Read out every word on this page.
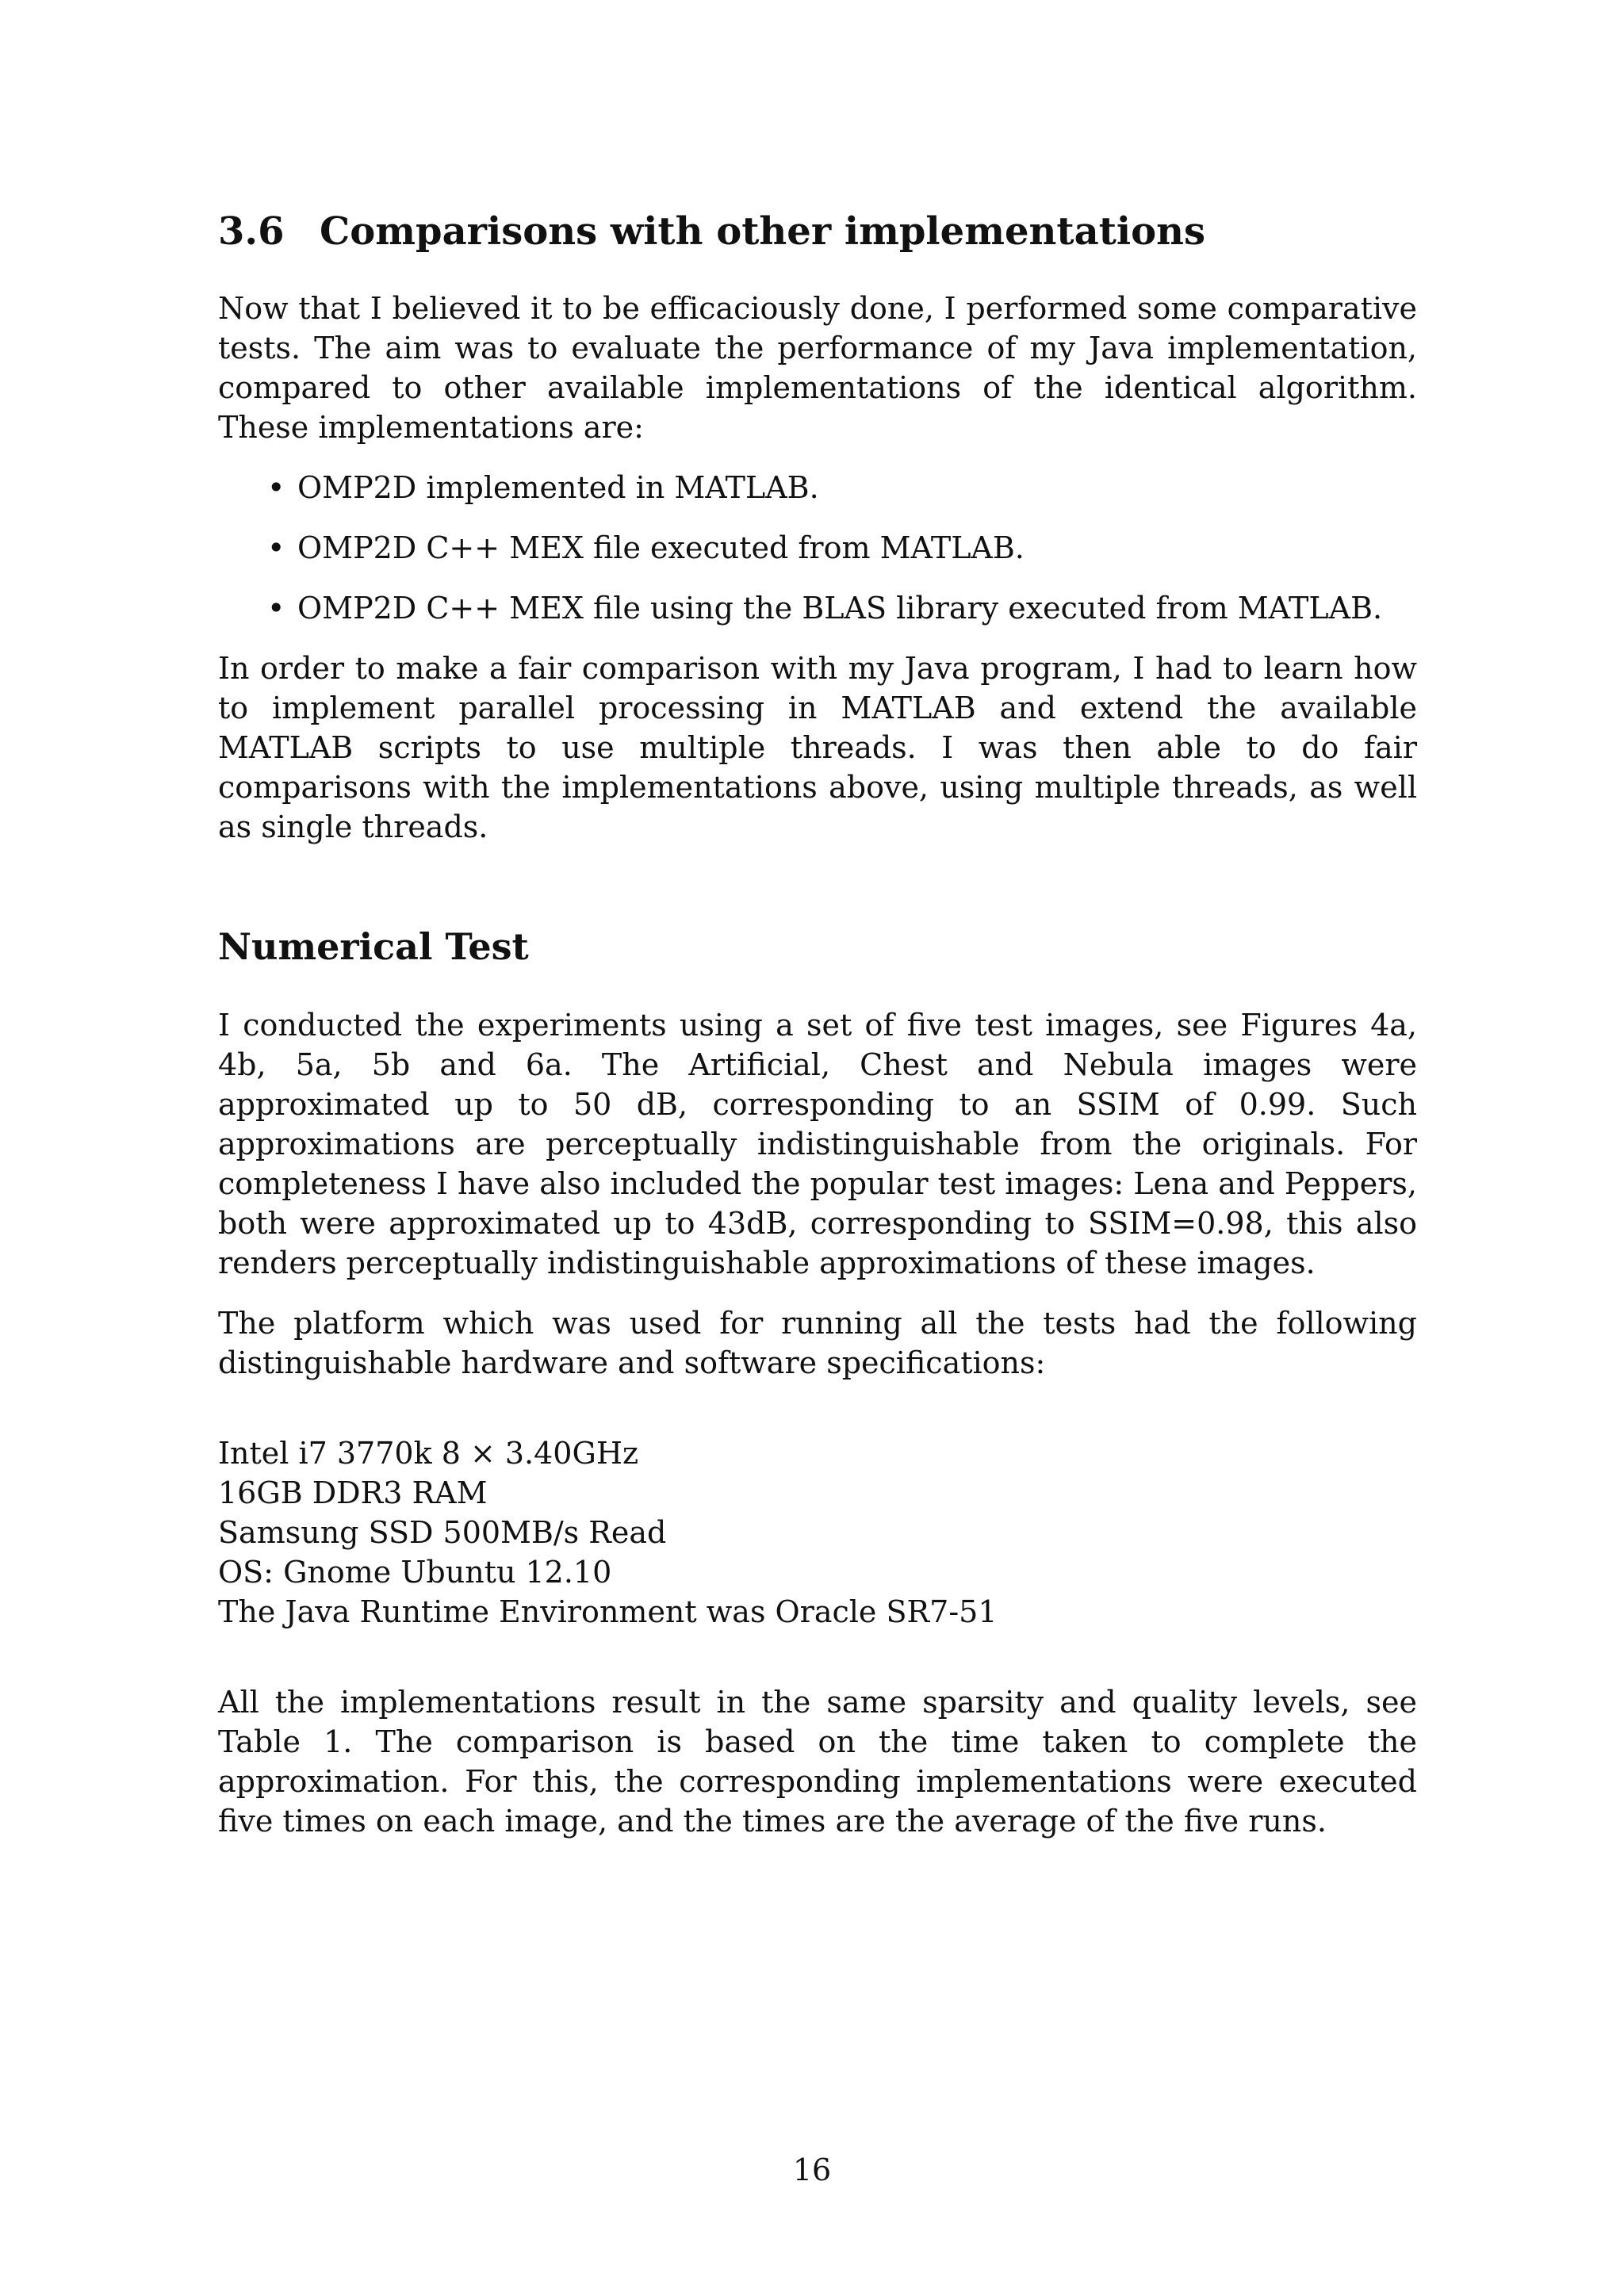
3.6 Comparisons with other implementations

Now that I believed it to be efficaciously done, I performed some comparative tests. The aim was to evaluate the performance of my Java implementation, compared to other available implementations of the identical algorithm. These implementations are:

• OMP2D implemented in MATLAB.
• OMP2D C++ MEX file executed from MATLAB.
• OMP2D C++ MEX file using the BLAS library executed from MATLAB.

In order to make a fair comparison with my Java program, I had to learn how to implement parallel processing in MATLAB and extend the available MATLAB scripts to use multiple threads. I was then able to do fair comparisons with the implementations above, using multiple threads, as well as single threads.

Numerical Test

I conducted the experiments using a set of five test images, see Figures 4a, 4b, 5a, 5b and 6a. The Artificial, Chest and Nebula images were approximated up to 50 dB, corresponding to an SSIM of 0.99. Such approximations are perceptually indistinguishable from the originals. For completeness I have also included the popular test images: Lena and Peppers, both were approximated up to 43dB, corresponding to SSIM=0.98, this also renders perceptually indistinguishable approximations of these images.

The platform which was used for running all the tests had the following distinguishable hardware and software specifications:

Intel i7 3770k 8 × 3.40GHz
16GB DDR3 RAM
Samsung SSD 500MB/s Read
OS: Gnome Ubuntu 12.10
The Java Runtime Environment was Oracle SR7-51

All the implementations result in the same sparsity and quality levels, see Table 1. The comparison is based on the time taken to complete the approximation. For this, the corresponding implementations were executed five times on each image, and the times are the average of the five runs.

16
